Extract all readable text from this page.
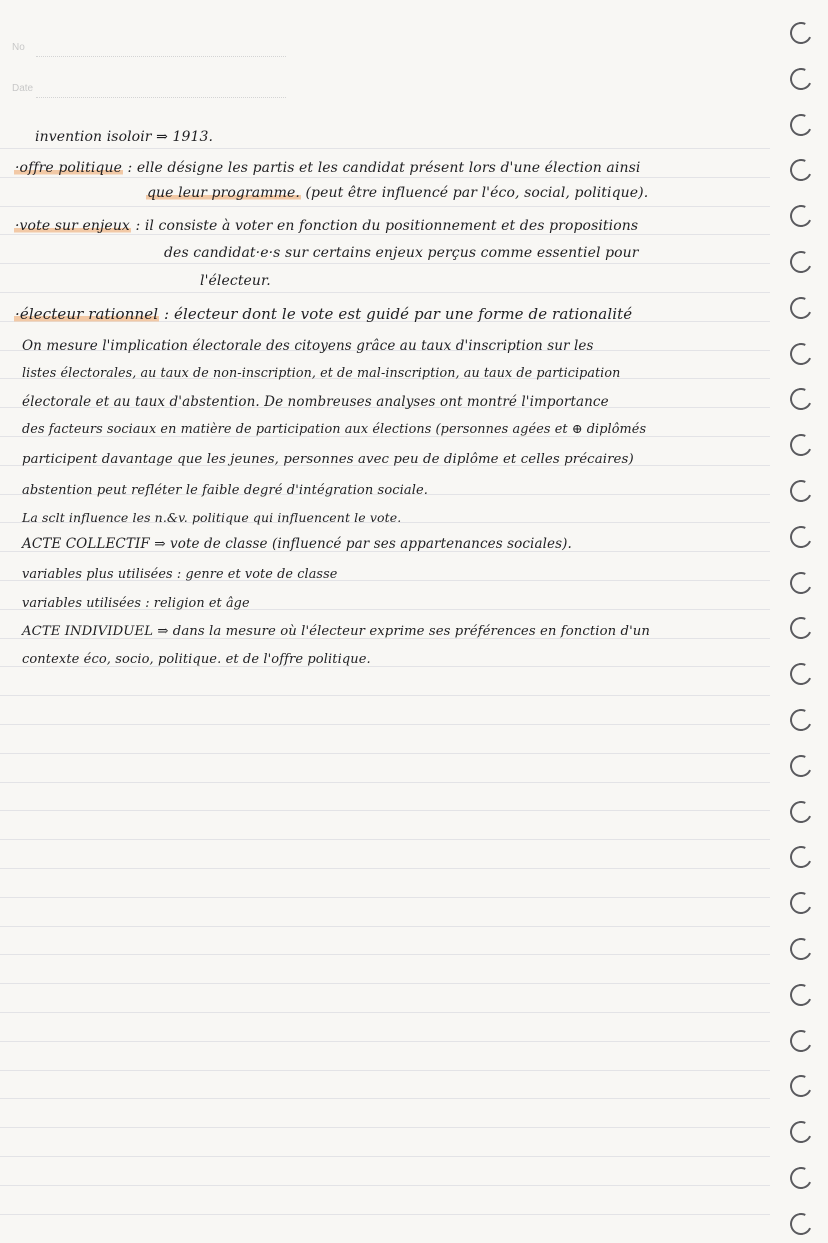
No
Date
invention isoloir ⇒ 1913.
·offre politique : elle désigne les partis et les candidat présent lors d'une élection ainsi
que leur programme. (peut être influencé par l'éco, social, politique).
·vote sur enjeux : il consiste à voter en fonction du positionnement et des propositions
des candidat·e·s sur certains enjeux perçus comme essentiel pour
l'électeur.
·électeur rationnel : électeur dont le vote est guidé par une forme de rationalité
On mesure l'implication électorale des citoyens grâce au taux d'inscription sur les
listes électorales, au taux de non-inscription, et de mal-inscription, au taux de participation
électorale et au taux d'abstention. De nombreuses analyses ont montré l'importance
des facteurs sociaux en matière de participation aux élections (personnes agées et ⊕ diplômés
participent davantage que les jeunes, personnes avec peu de diplôme et celles précaires)
abstention peut refléter le faible degré d'intégration sociale.
La sclt influence les n.&v. politique qui influencent le vote.
ACTE COLLECTIF ⇒ vote de classe (influencé par ses appartenances sociales).
variables plus utilisées : genre et vote de classe
variables utilisées : religion et âge
ACTE INDIVIDUEL ⇒ dans la mesure où l'électeur exprime ses préférences en fonction d'un
contexte éco, socio, politique. et de l'offre politique.
